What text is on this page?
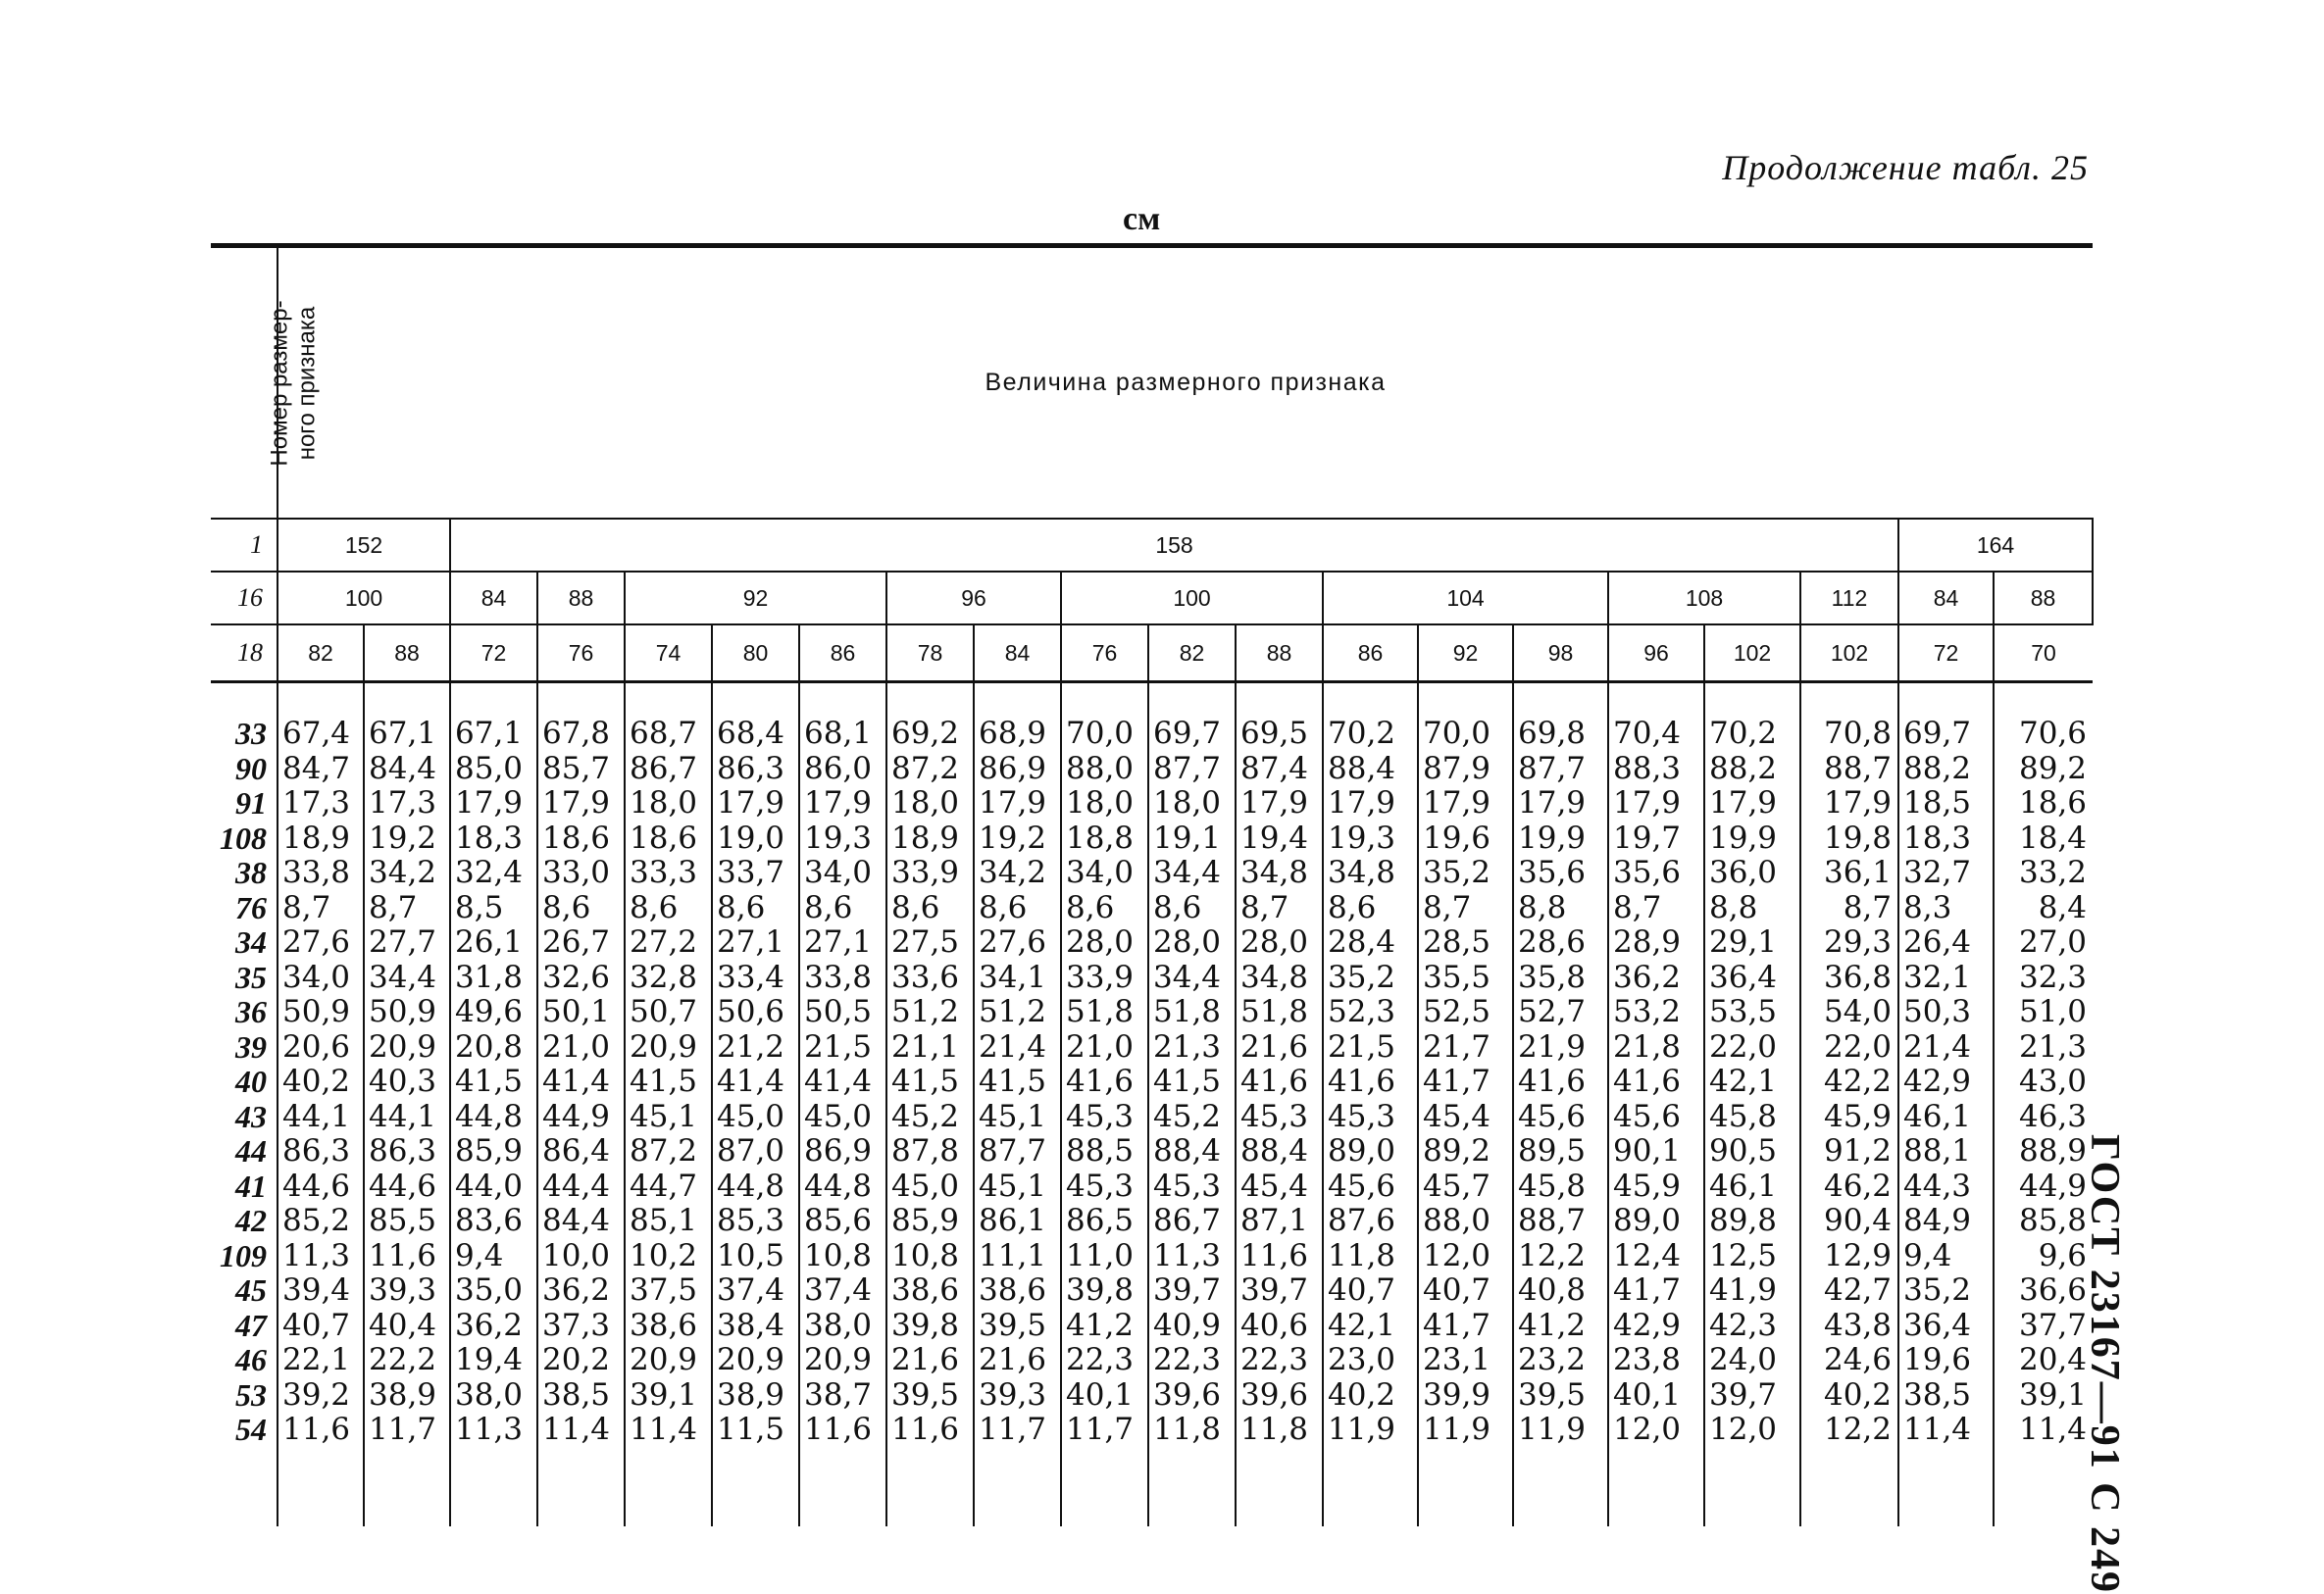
Продолжение табл. 25
см
ГОСТ 23167—91 С 249

Номер размер-
ного признака	Величина размерного признака																			
1	152		158																164	
16	100		84	88	92			96		100			104			108		112	84	88
18	82	88	72	76	74	80	86	78	84	76	82	88	86	92	98	96	102	102	72	70

33	67,4	67,1	67,1	67,8	68,7	68,4	68,1	69,2	68,9	70,0	69,7	69,5	70,2	70,0	69,8	70,4	70,2	70,8	69,7	70,6
90	84,7	84,4	85,0	85,7	86,7	86,3	86,0	87,2	86,9	88,0	87,7	87,4	88,4	87,9	87,7	88,3	88,2	88,7	88,2	89,2
91	17,3	17,3	17,9	17,9	18,0	17,9	17,9	18,0	17,9	18,0	18,0	17,9	17,9	17,9	17,9	17,9	17,9	17,9	18,5	18,6
108	18,9	19,2	18,3	18,6	18,6	19,0	19,3	18,9	19,2	18,8	19,1	19,4	19,3	19,6	19,9	19,7	19,9	19,8	18,3	18,4
38	33,8	34,2	32,4	33,0	33,3	33,7	34,0	33,9	34,2	34,0	34,4	34,8	34,8	35,2	35,6	35,6	36,0	36,1	32,7	33,2
76	8,7	8,7	8,5	8,6	8,6	8,6	8,6	8,6	8,6	8,6	8,6	8,7	8,6	8,7	8,8	8,7	8,8	8,7	8,3	8,4
34	27,6	27,7	26,1	26,7	27,2	27,1	27,1	27,5	27,6	28,0	28,0	28,0	28,4	28,5	28,6	28,9	29,1	29,3	26,4	27,0
35	34,0	34,4	31,8	32,6	32,8	33,4	33,8	33,6	34,1	33,9	34,4	34,8	35,2	35,5	35,8	36,2	36,4	36,8	32,1	32,3
36	50,9	50,9	49,6	50,1	50,7	50,6	50,5	51,2	51,2	51,8	51,8	51,8	52,3	52,5	52,7	53,2	53,5	54,0	50,3	51,0
39	20,6	20,9	20,8	21,0	20,9	21,2	21,5	21,1	21,4	21,0	21,3	21,6	21,5	21,7	21,9	21,8	22,0	22,0	21,4	21,3
40	40,2	40,3	41,5	41,4	41,5	41,4	41,4	41,5	41,5	41,6	41,5	41,6	41,6	41,7	41,6	41,6	42,1	42,2	42,9	43,0
43	44,1	44,1	44,8	44,9	45,1	45,0	45,0	45,2	45,1	45,3	45,2	45,3	45,3	45,4	45,6	45,6	45,8	45,9	46,1	46,3
44	86,3	86,3	85,9	86,4	87,2	87,0	86,9	87,8	87,7	88,5	88,4	88,4	89,0	89,2	89,5	90,1	90,5	91,2	88,1	88,9
41	44,6	44,6	44,0	44,4	44,7	44,8	44,8	45,0	45,1	45,3	45,3	45,4	45,6	45,7	45,8	45,9	46,1	46,2	44,3	44,9
42	85,2	85,5	83,6	84,4	85,1	85,3	85,6	85,9	86,1	86,5	86,7	87,1	87,6	88,0	88,7	89,0	89,8	90,4	84,9	85,8
109	11,3	11,6	9,4	10,0	10,2	10,5	10,8	10,8	11,1	11,0	11,3	11,6	11,8	12,0	12,2	12,4	12,5	12,9	9,4	9,6
45	39,4	39,3	35,0	36,2	37,5	37,4	37,4	38,6	38,6	39,8	39,7	39,7	40,7	40,7	40,8	41,7	41,9	42,7	35,2	36,6
47	40,7	40,4	36,2	37,3	38,6	38,4	38,0	39,8	39,5	41,2	40,9	40,6	42,1	41,7	41,2	42,9	42,3	43,8	36,4	37,7
46	22,1	22,2	19,4	20,2	20,9	20,9	20,9	21,6	21,6	22,3	22,3	22,3	23,0	23,1	23,2	23,8	24,0	24,6	19,6	20,4
53	39,2	38,9	38,0	38,5	39,1	38,9	38,7	39,5	39,3	40,1	39,6	39,6	40,2	39,9	39,5	40,1	39,7	40,2	38,5	39,1
54	11,6	11,7	11,3	11,4	11,4	11,5	11,6	11,6	11,7	11,7	11,8	11,8	11,9	11,9	11,9	12,0	12,0	12,2	11,4	11,4
